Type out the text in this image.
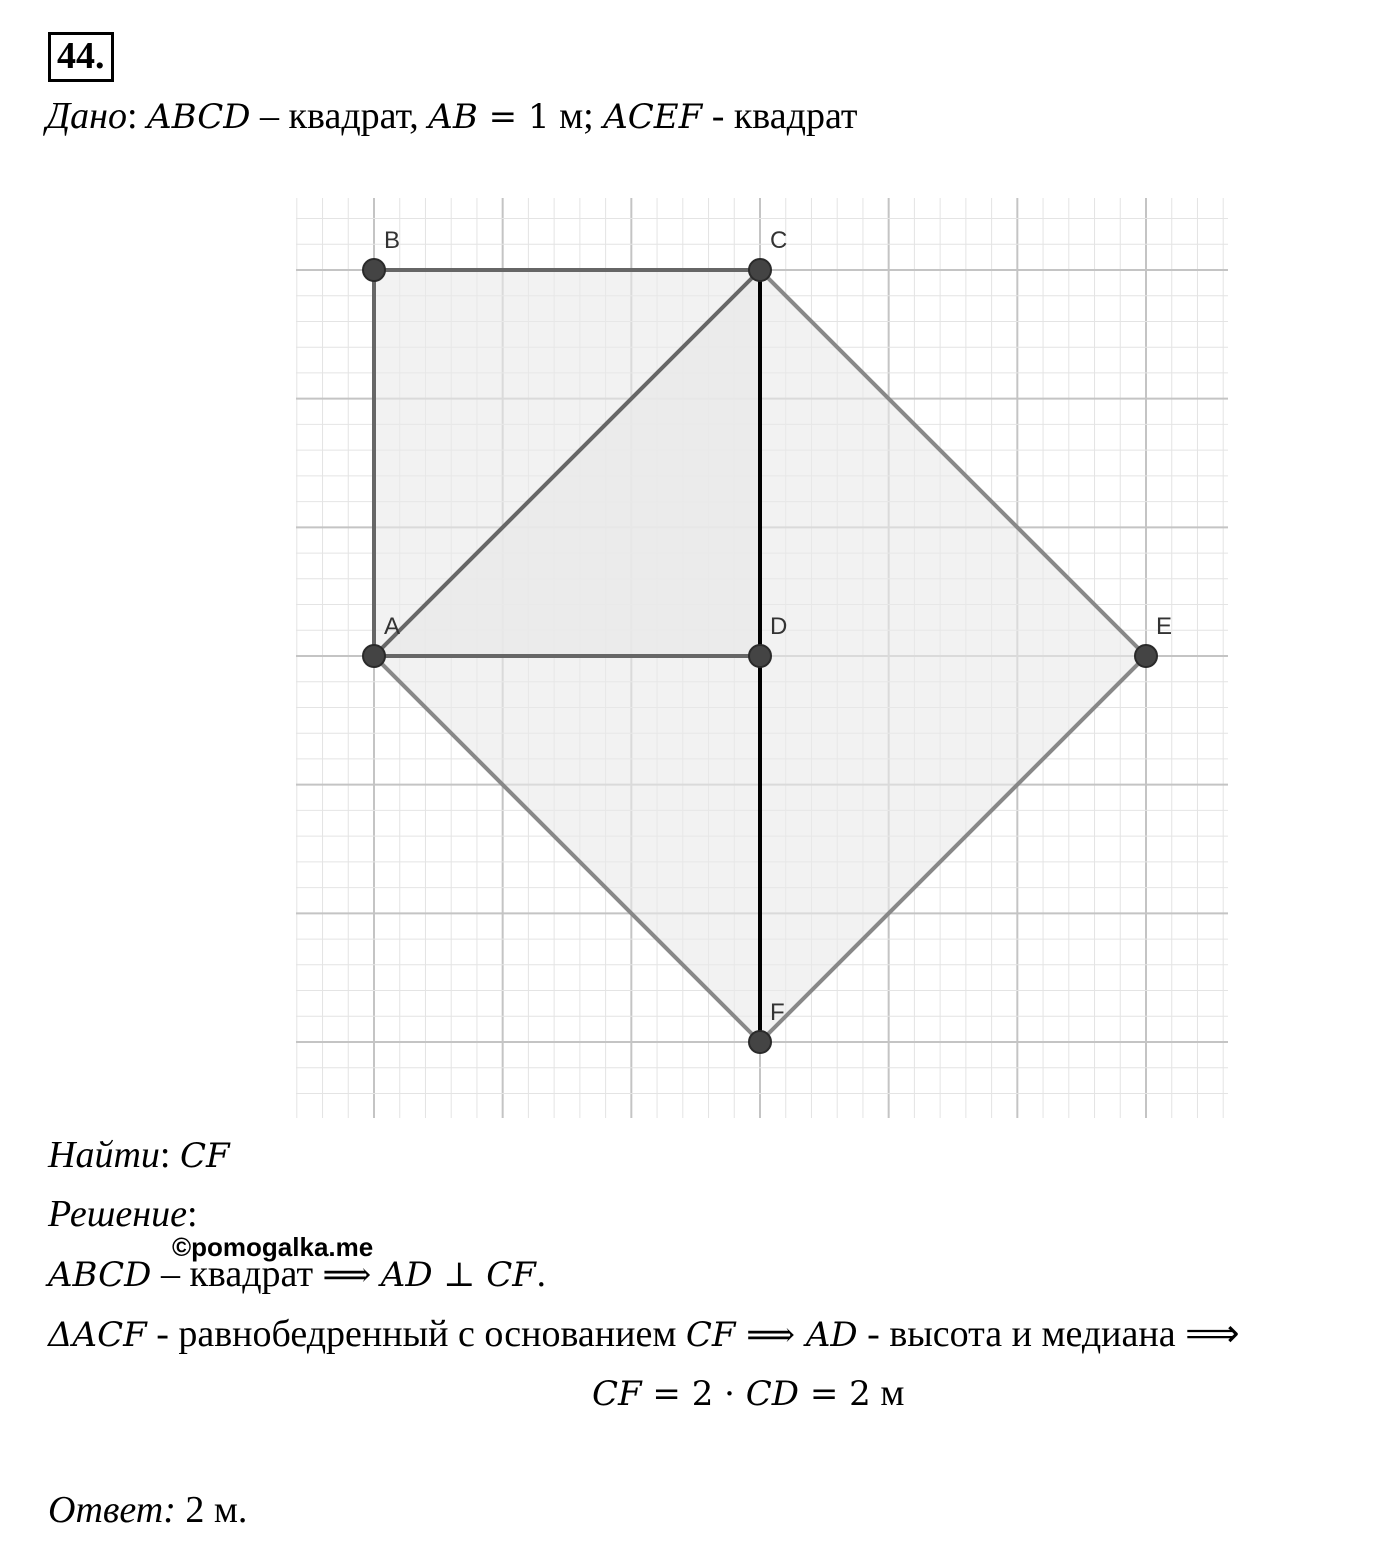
44.
Дано: ABCD – квадрат, AB = 1 м; ACEF - квадрат
A
B	C
D	E
F
Найти: CF
Решение:
ABCD – квадрат ⟹ AD ⊥ CF.
©pomogalka.me
ΔACF - равнобедренный с основанием CF ⟹ AD - высота и медиана ⟹
CF = 2 · CD = 2 м
Ответ: 2 м.
